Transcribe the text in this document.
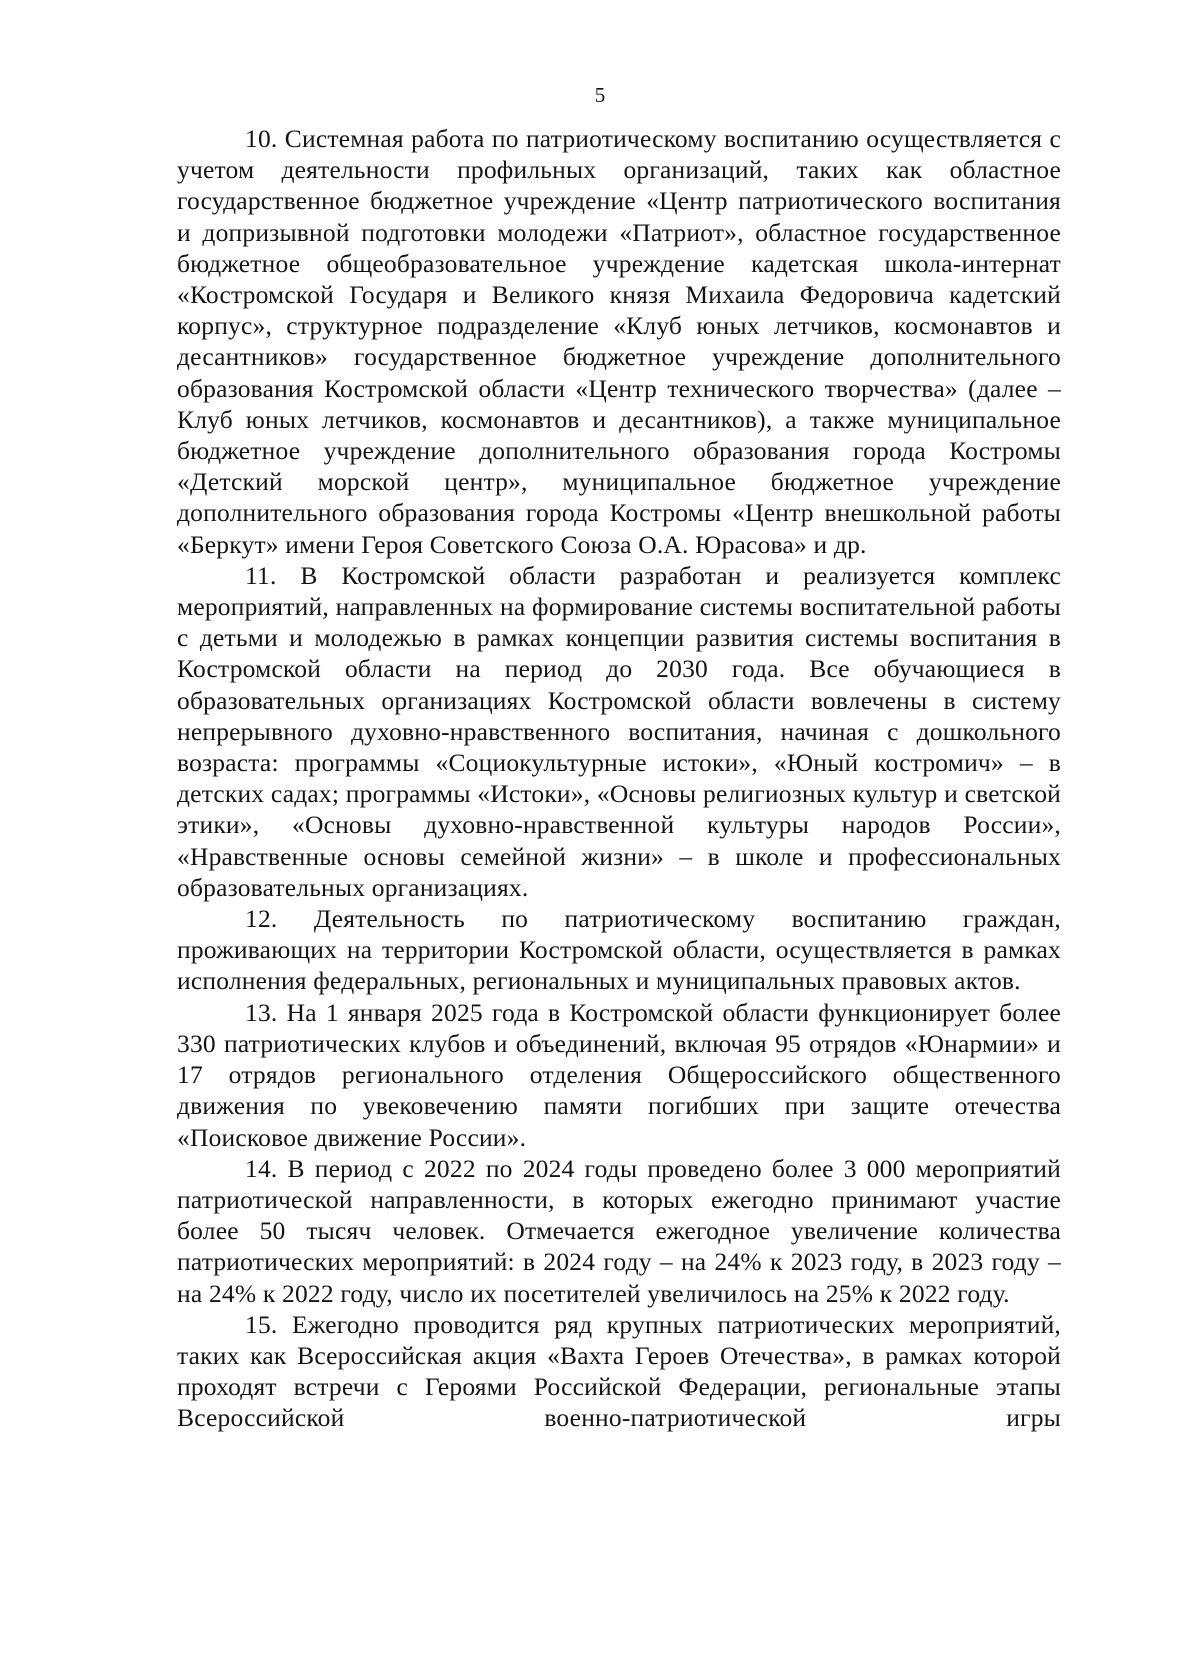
5

10. Системная работа по патриотическому воспитанию осуществляется с учетом деятельности профильных организаций, таких как областное государственное бюджетное учреждение «Центр патриотического воспитания и допризывной подготовки молодежи «Патриот», областное государственное бюджетное общеобразовательное учреждение кадетская школа-интернат «Костромской Государя и Великого князя Михаила Федоровича кадетский корпус», структурное подразделение «Клуб юных летчиков, космонавтов и десантников» государственное бюджетное учреждение дополнительного образования Костромской области «Центр технического творчества» (далее – Клуб юных летчиков, космонавтов и десантников), а также муниципальное бюджетное учреждение дополнительного образования города Костромы «Детский морской центр», муниципальное бюджетное учреждение дополнительного образования города Костромы «Центр внешкольной работы «Беркут» имени Героя Советского Союза О.А. Юрасова» и др.

11. В Костромской области разработан и реализуется комплекс мероприятий, направленных на формирование системы воспитательной работы с детьми и молодежью в рамках концепции развития системы воспитания в Костромской области на период до 2030 года. Все обучающиеся в образовательных организациях Костромской области вовлечены в систему непрерывного духовно-нравственного воспитания, начиная с дошкольного возраста: программы «Социокультурные истоки», «Юный костромич» – в детских садах; программы «Истоки», «Основы религиозных культур и светской этики», «Основы духовно-нравственной культуры народов России», «Нравственные основы семейной жизни» – в школе и профессиональных образовательных организациях.

12. Деятельность по патриотическому воспитанию граждан, проживающих на территории Костромской области, осуществляется в рамках исполнения федеральных, региональных и муниципальных правовых актов.

13. На 1 января 2025 года в Костромской области функционирует более 330 патриотических клубов и объединений, включая 95 отрядов «Юнармии» и 17 отрядов регионального отделения Общероссийского общественного движения по увековечению памяти погибших при защите отечества «Поисковое движение России».

14. В период с 2022 по 2024 годы проведено более 3 000 мероприятий патриотической направленности, в которых ежегодно принимают участие более 50 тысяч человек. Отмечается ежегодное увеличение количества патриотических мероприятий: в 2024 году – на 24% к 2023 году, в 2023 году – на 24% к 2022 году, число их посетителей увеличилось на 25% к 2022 году.

15. Ежегодно проводится ряд крупных патриотических мероприятий, таких как Всероссийская акция «Вахта Героев Отечества», в рамках которой проходят встречи с Героями Российской Федерации, региональные этапы Всероссийской военно-патриотической игры
